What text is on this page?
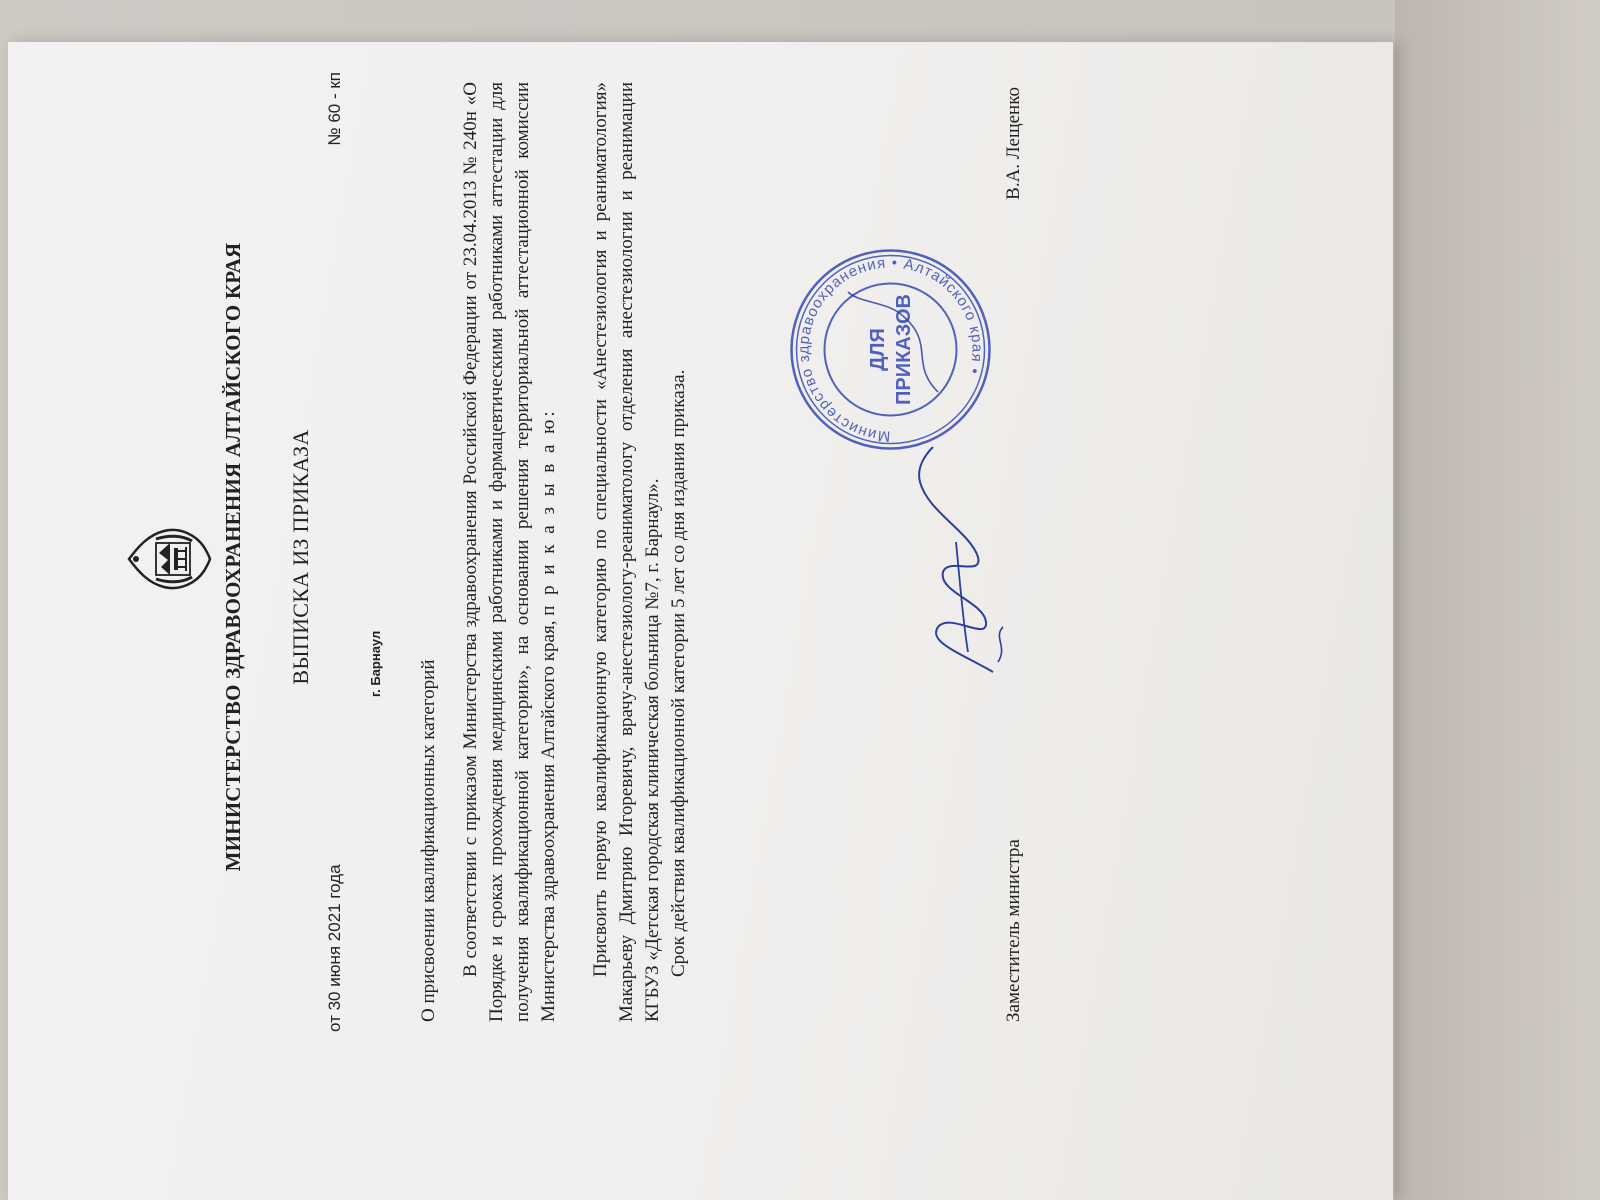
МИНИСТЕРСТВО ЗДРАВООХРАНЕНИЯ АЛТАЙСКОГО КРАЯ ВЫПИСКА ИЗ ПРИКАЗА
от 30 июня 2021 года
№ 60 - кп
г. Барнаул О присвоении квалификационных категорий В соответствии с приказом Министерства здравоохранения Российской Федерации от 23.04.2013 № 240н «О Порядке и сроках прохождения медицинскими работниками и фармацевтическими работниками аттестации для получения квалификационной категории», на основании решения территориальной аттестационной комиссии Министерства здравоохранения Алтайского края, п р и к а з ы в а ю: Присвоить первую квалификационную категорию по специальности «Анестезиология и реаниматология» Макарьеву Дмитрию Игоревичу, врачу-анестезиологу-реаниматологу отделения анестезиологии и реанимации КГБУЗ «Детская городская клиническая больница №7, г. Барнаул». Срок действия квалификационной категории 5 лет со дня издания приказа.	Министерство здравоохранения • Алтайского края •
ДЛЯ ПРИКАЗОВ
Заместитель министра
В.А. Лещенко
